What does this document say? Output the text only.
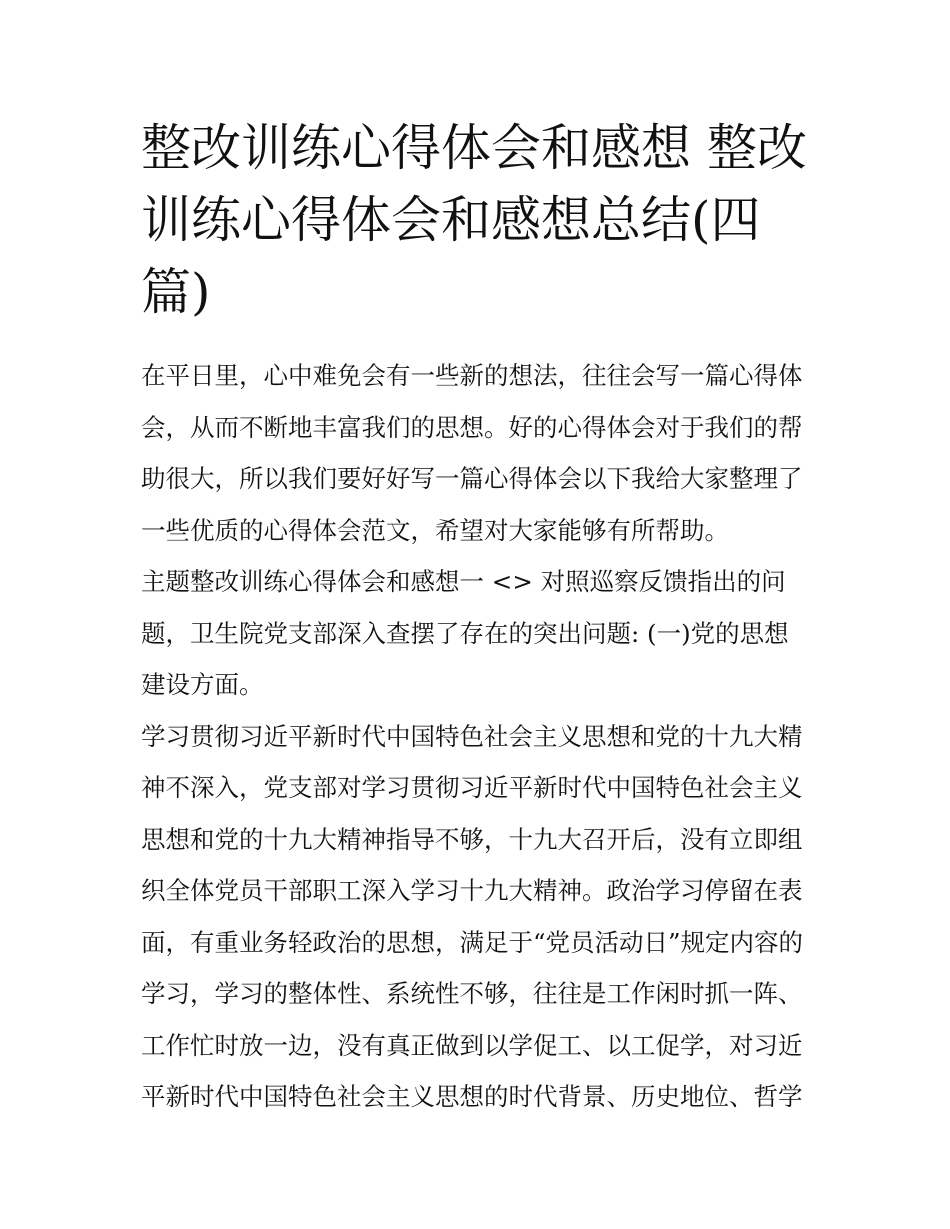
整改训练心得体会和感想 整改
训练心得体会和感想总结(四
篇)

在平日里，心中难免会有一些新的想法，往往会写一篇心得体
会，从而不断地丰富我们的思想。好的心得体会对于我们的帮
助很大，所以我们要好好写一篇心得体会以下我给大家整理了
一些优质的心得体会范文，希望对大家能够有所帮助。

主题整改训练心得体会和感想一 <> 对照巡察反馈指出的问
题，卫生院党支部深入查摆了存在的突出问题: (一)党的思想
建设方面。

学习贯彻习近平新时代中国特色社会主义思想和党的十九大精
神不深入，党支部对学习贯彻习近平新时代中国特色社会主义
思想和党的十九大精神指导不够，十九大召开后，没有立即组
织全体党员干部职工深入学习十九大精神。政治学习停留在表
面，有重业务轻政治的思想，满足于“党员活动日”规定内容的
学习，学习的整体性、系统性不够，往往是工作闲时抓一阵、
工作忙时放一边，没有真正做到以学促工、以工促学，对习近
平新时代中国特色社会主义思想的时代背景、历史地位、哲学
